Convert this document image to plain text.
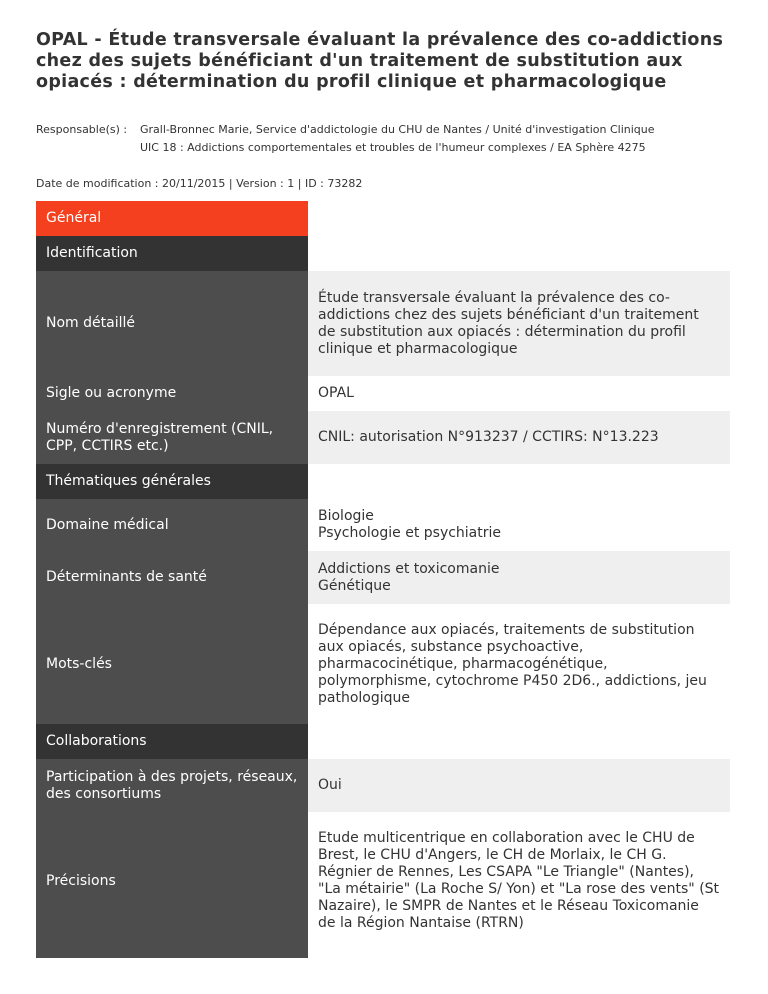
OPAL - Étude transversale évaluant la prévalence des co-addictions chez des sujets bénéficiant d'un traitement de substitution aux opiacés : détermination du profil clinique et pharmacologique
Responsable(s) : Grall-Bronnec Marie, Service d'addictologie du CHU de Nantes / Unité d'investigation Clinique
UIC 18 : Addictions comportementales et troubles de l'humeur complexes / EA Sphère 4275
Date de modification : 20/11/2015 | Version : 1 | ID : 73282
Général	
Identification	
Nom détaillé	Étude transversale évaluant la prévalence des co-addictions chez des sujets bénéficiant d'un traitement de substitution aux opiacés : détermination du profil clinique et pharmacologique
Sigle ou acronyme	OPAL
Numéro d'enregistrement (CNIL, CPP, CCTIRS etc.)	CNIL: autorisation N°913237 / CCTIRS: N°13.223
Thématiques générales	
Domaine médical	Biologie
Psychologie et psychiatrie

Déterminants de santé	Addictions et toxicomanie
Génétique

Mots-clés	Dépendance aux opiacés, traitements de substitution aux opiacés, substance psychoactive, pharmacocinétique, pharmacogénétique, polymorphisme, cytochrome P450 2D6., addictions, jeu pathologique
Collaborations	
Participation à des projets, réseaux, des consortiums	Oui
Précisions	Etude multicentrique en collaboration avec le CHU de Brest, le CHU d'Angers, le CH de Morlaix, le CH G. Régnier de Rennes, Les CSAPA "Le Triangle" (Nantes), "La métairie" (La Roche S/ Yon) et "La rose des vents" (St Nazaire), le SMPR de Nantes et le Réseau Toxicomanie de la Région Nantaise (RTRN)
